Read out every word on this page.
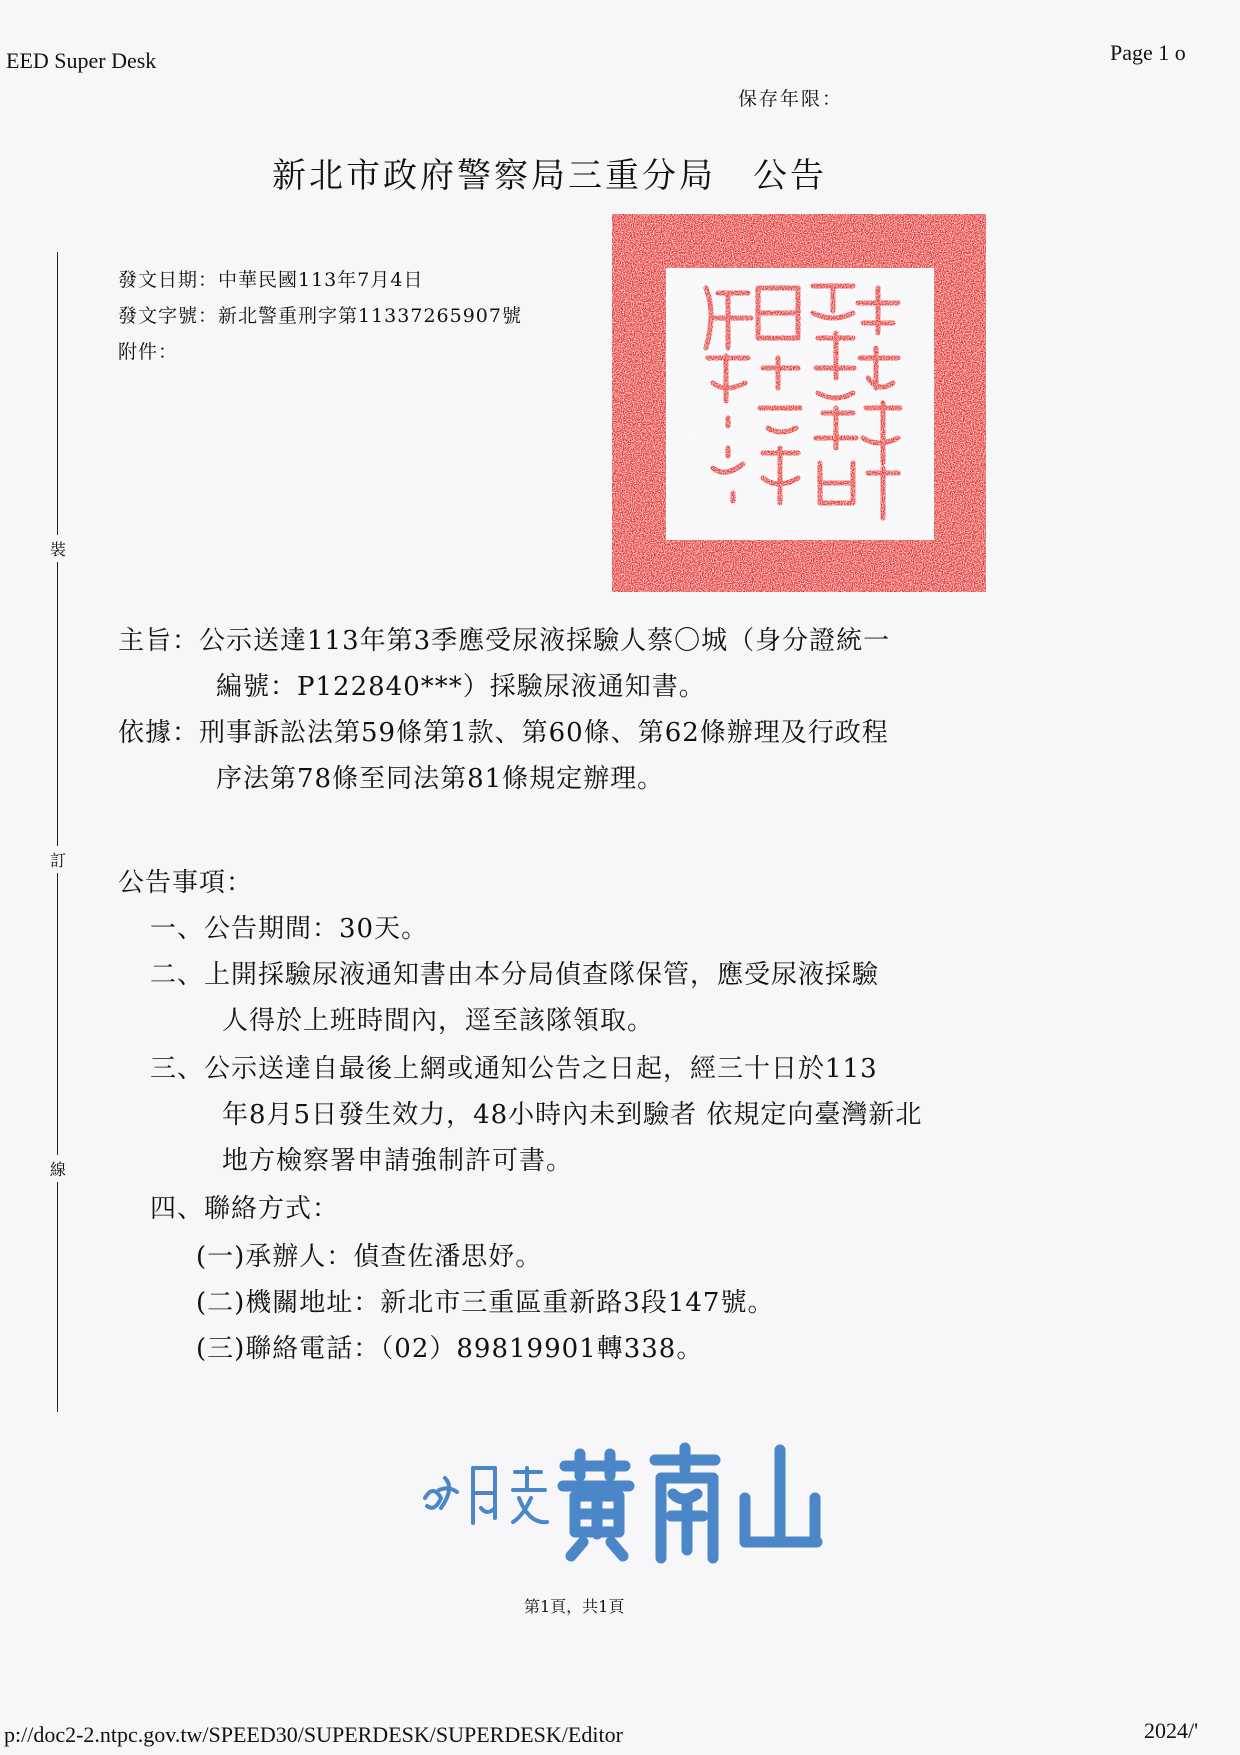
EED Super Desk	Page 1 o
保存年限：
新北市政府警察局三重分局　公告
裝
訂
線
發文日期：中華民國113年7月4日
發文字號：新北警重刑字第11337265907號
附件：
主旨：公示送達113年第3季應受尿液採驗人蔡〇城（身分證統一
編號：P122840***）採驗尿液通知書。
依據：刑事訴訟法第59條第1款、第60條、第62條辦理及行政程
序法第78條至同法第81條規定辦理。
公告事項：
一、公告期間：30天。
二、上開採驗尿液通知書由本分局偵查隊保管，應受尿液採驗
人得於上班時間內，逕至該隊領取。
三、公示送達自最後上網或通知公告之日起，經三十日於113
年8月5日發生效力，48小時內未到驗者 依規定向臺灣新北
地方檢察署申請強制許可書。
四、聯絡方式：
(一)承辦人：偵查佐潘思妤。
(二)機關地址：新北市三重區重新路3段147號。
(三)聯絡電話：（02）89819901轉338。
第1頁，共1頁
p://doc2-2.ntpc.gov.tw/SPEED30/SUPERDESK/SUPERDESK/Editor	2024/'
